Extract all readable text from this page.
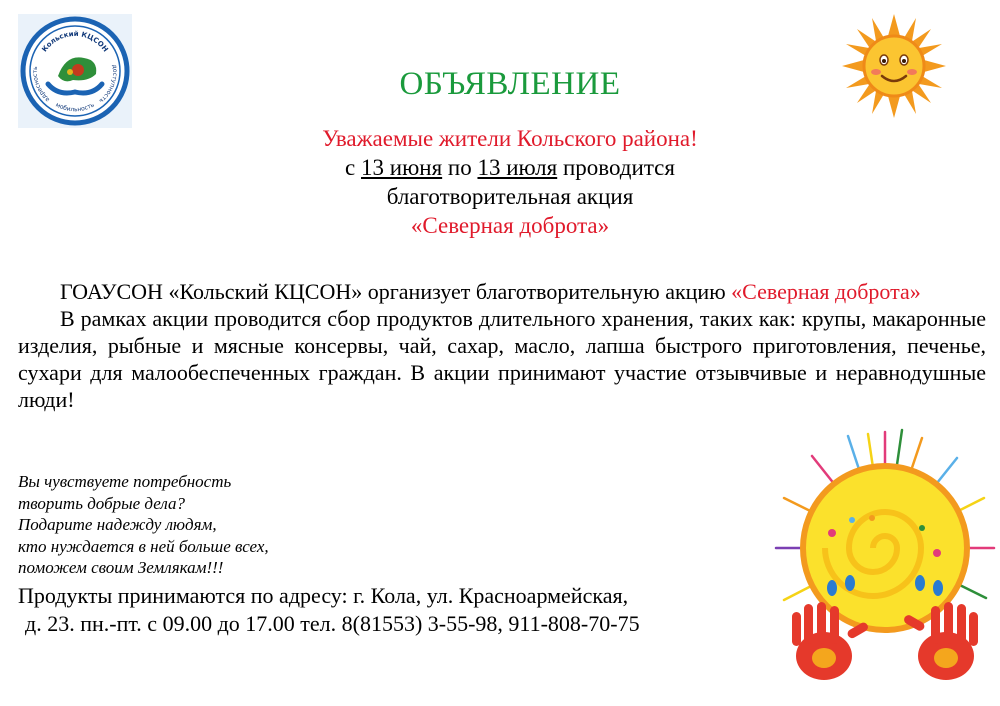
Кольский КЦСОН
адресность	доступность
мобильность
ОБЪЯВЛЕНИЕ
Уважаемые жители Кольского района!
с 13 июня по 13 июля проводится
благотворительная акция
«Северная доброта»

ГОАУСОН «Кольский КЦСОН» организует благотворительную акцию «Северная доброта»

В рамках акции проводится сбор продуктов длительного хранения, таких как: крупы, макаронные изделия, рыбные и мясные консервы, чай, сахар, масло, лапша быстрого приготовления, печенье, сухари для малообеспеченных граждан. В акции принимают участие отзывчивые и неравнодушные люди!

Вы чувствуете потребность
творить добрые дела?
Подарите надежду людям,
кто нуждается в ней больше всех,
поможем своим Землякам!!!
Продукты принимаются по адресу: г. Кола, ул. Красноармейская,
д. 23. пн.-пт. с 09.00 до 17.00 тел. 8(81553) 3-55-98, 911-808-70-75
